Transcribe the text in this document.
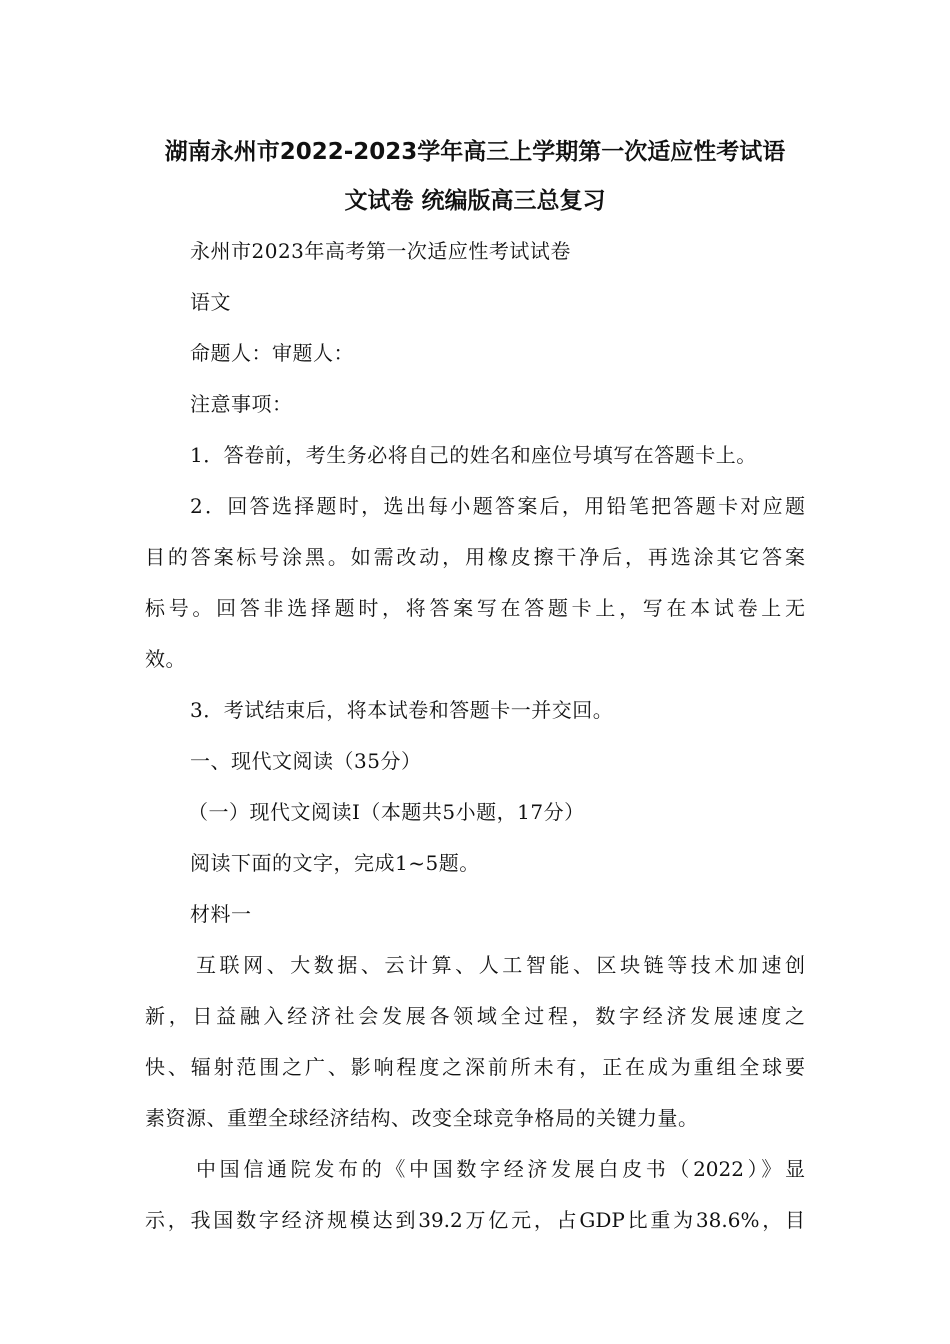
湖南永州市2022-2023学年高三上学期第一次适应性考试语
文试卷 统编版高三总复习
永州市2023年高考第一次适应性考试试卷
语文
命题人：审题人：
注意事项：
1．答卷前，考生务必将自己的姓名和座位号填写在答题卡上。
2．回答选择题时，选出每小题答案后，用铅笔把答题卡对应题
目的答案标号涂黑。如需改动，用橡皮擦干净后，再选涂其它答案
标号。回答非选择题时，将答案写在答题卡上，写在本试卷上无
效。
3．考试结束后，将本试卷和答题卡一并交回。
一、现代文阅读（35分）
（一）现代文阅读Ⅰ（本题共5小题，17分）
阅读下面的文字，完成1~5题。
材料一
互联网、大数据、云计算、人工智能、区块链等技术加速创
新，日益融入经济社会发展各领域全过程，数字经济发展速度之
快、辐射范围之广、影响程度之深前所未有，正在成为重组全球要
素资源、重塑全球经济结构、改变全球竞争格局的关键力量。
中国信通院发布的《中国数字经济发展白皮书（2022）》显
示，我国数字经济规模达到39.2万亿元，占GDP比重为38.6%，目
